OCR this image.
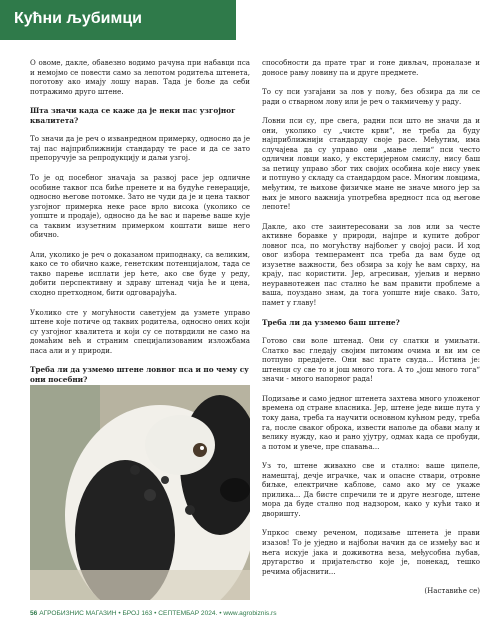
Кућни љубимци

О овоме, дакле, обавезно водимо рачуна при набавци пса и немојмо се повести само за лепотом родитеља штенета, поготову ако имају лошу нарав. Тада је боље да себи потражимо друго штене.

Шта значи када се каже да је неки пас узгојног квалитета?

То значи да је реч о изванредном примерку, односно да је тај пас најприближнији стандарду те расе и да се зато препоручује за репродукцију и даљи узгој.

То је од посебног значаја за развој расе јер одличне особине таквог пса биће пренете и на будуће генерације, односно његове потомке. Зато не чуди да је и цена таквог узгојног примерка неке расе врло висока (уколико се уопште и продаје), односно да ће вас и парење ваше куje са таквим изузетним примерком коштати више него обично.

Али, уколико је реч о доказаном приподнаку, са великим, како се то обично каже, генетским потенцијалом, тада се такво парење исплати јер ћете, ако све буде у реду, добити перспективну и здраву штенад чија ће и цена, сходно претходном, бити одговарајућа.

Уколико сте у могућности саветујем да узмете управо штене које потиче од таквих родитеља, односно оних који су узгојног квалитета и који су се потврдили не само на домаћим већ и страним специјализованим изложбама паса али и у природи.

Треба ли да узмемо штене ловног пса и по чему су они посебни?

способности да прате траг и гоне дивљач, проналазе и доносе рању ловину па и друге предмете.

То су пси узгајани за лов у пољу, без обзира да ли се ради о стварном лову или је реч о такмичењу у раду.

Ловни пси су, пре свега, радни пси што не значи да и они, уколико су „чисте крви“, не треба да буду најприближнији стандарду своје расе. Међутим, има случајева да су управо они „мање лепи“ пси често одлични ловци иако, у екстеријерном смислу, нису баш за петицу управо због тих својих особина које нису увек и потпуно у складу са стандардом расе. Многим ловцима, међутим, те њихове физичке мане не значе много јер за њих је много важнија употребна вредност пса од његове лепоте!

Дакле, ако сте заинтересовани за лов или за честе активне боравке у природи, најпре и купите доброг ловног пса, по могућству најбољег у својој раси. И ход овог избора темперамент пса треба да вам буде од изузетне важности, без обзира за коју ће вам сврху, на крају, пас користити. Јер, агресиван, ујељив и нервно неуравнотежен пас стално ће вам правити проблеме а ваша, поуздано знам, да тога уопште није свако. Зато, памет у главу!

Треба ли да узмемо баш штене?

Готово сви воле штенад. Они су слатки и умиљати. Слатко вас гледају својим питомим очима и ви им се потпуно предајете. Они вас прате свуда... Истина је: штенци су све то и још много тога. А то „још много тога“ значи - много напорног рада!

Подизање и само једног штенета захтева много уложеног времена од стране власника. Јер, штене једе више пута у току дана, треба га научити основном кућном реду, треба га, после сваког оброка, извести напоље да обави малу и велику нужду, као и рано ујутру, одмах када се пробуди, а потом и увече, пре спавања...

Уз то, штене живахно све и стално: ваше ципеле, намештај, дечје играчке, чак и опасне ствари, отровне биљке, електричне каблове, само ако му се укаже прилика... Да бисте спречили те и друге незгоде, штене мора да буде стално под надзором, како у кући тако и дворишту.

Упркос свему реченом, подизање штенета је прави изазов! То је уједно и најбољи начин да се између вас и њега искује јака и доживотна веза, међусобна љубав, другарство и пријатељство које је, понекад, тешко речима објаснити...

(Наставиће се)

56 АГРОБИЗНИС МАГАЗИН • БРОЈ 163 • СЕПТЕМБАР 2024. • www.agrobiznis.rs
